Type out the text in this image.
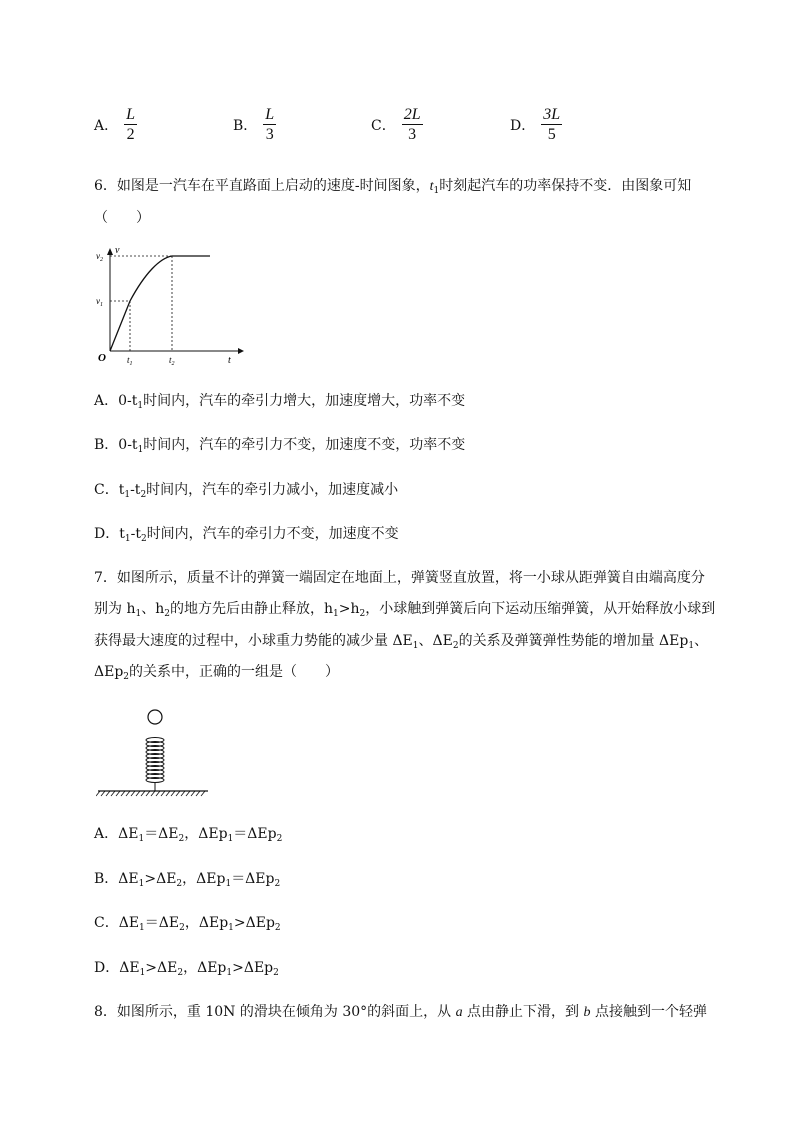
A． $\frac{L}{2}$	B． $\frac{L}{3}$	C． $\frac{2L}{3}$	D． $\frac{3L}{5}$
6．如图是一汽车在平直路面上启动的速度-时间图象，$t_1$时刻起汽车的功率保持不变．由图象可知
（　　）
v
t
O
$v_1$
$v_2$
$t_1$	$t_2$
A．$0-t_1$时间内，汽车的牵引力增大，加速度增大，功率不变
B．$0-t_1$时间内，汽车的牵引力不变，加速度不变，功率不变
C．$t_1-t_2$时间内，汽车的牵引力减小，加速度减小
D．$t_1-t_2$时间内，汽车的牵引力不变，加速度不变
7．如图所示，质量不计的弹簧一端固定在地面上，弹簧竖直放置，将一小球从距弹簧自由端高度分
别为 $h_1$、$h_2$的地方先后由静止释放，$h_1>h_2$，小球触到弹簧后向下运动压缩弹簧，从开始释放小球到
获得最大速度的过程中，小球重力势能的减少量 $\Delta E_1$、$\Delta E_2$的关系及弹簧弹性势能的增加量 ΔEp$_1$、
ΔEp$_2$的关系中，正确的一组是（　　）
A．$\Delta E_1=\Delta E_2$，ΔEp$_1$＝ΔEp$_2$
B．$\Delta E_1>\Delta E_2$，ΔEp$_1$＝ΔEp$_2$
C．$\Delta E_1=\Delta E_2$，ΔEp$_1$>ΔEp$_2$
D．$\Delta E_1>\Delta E_2$，ΔEp$_1$>ΔEp$_2$
8．如图所示，重 10N 的滑块在倾角为 30°的斜面上，从 a 点由静止下滑，到 b 点接触到一个轻弹
